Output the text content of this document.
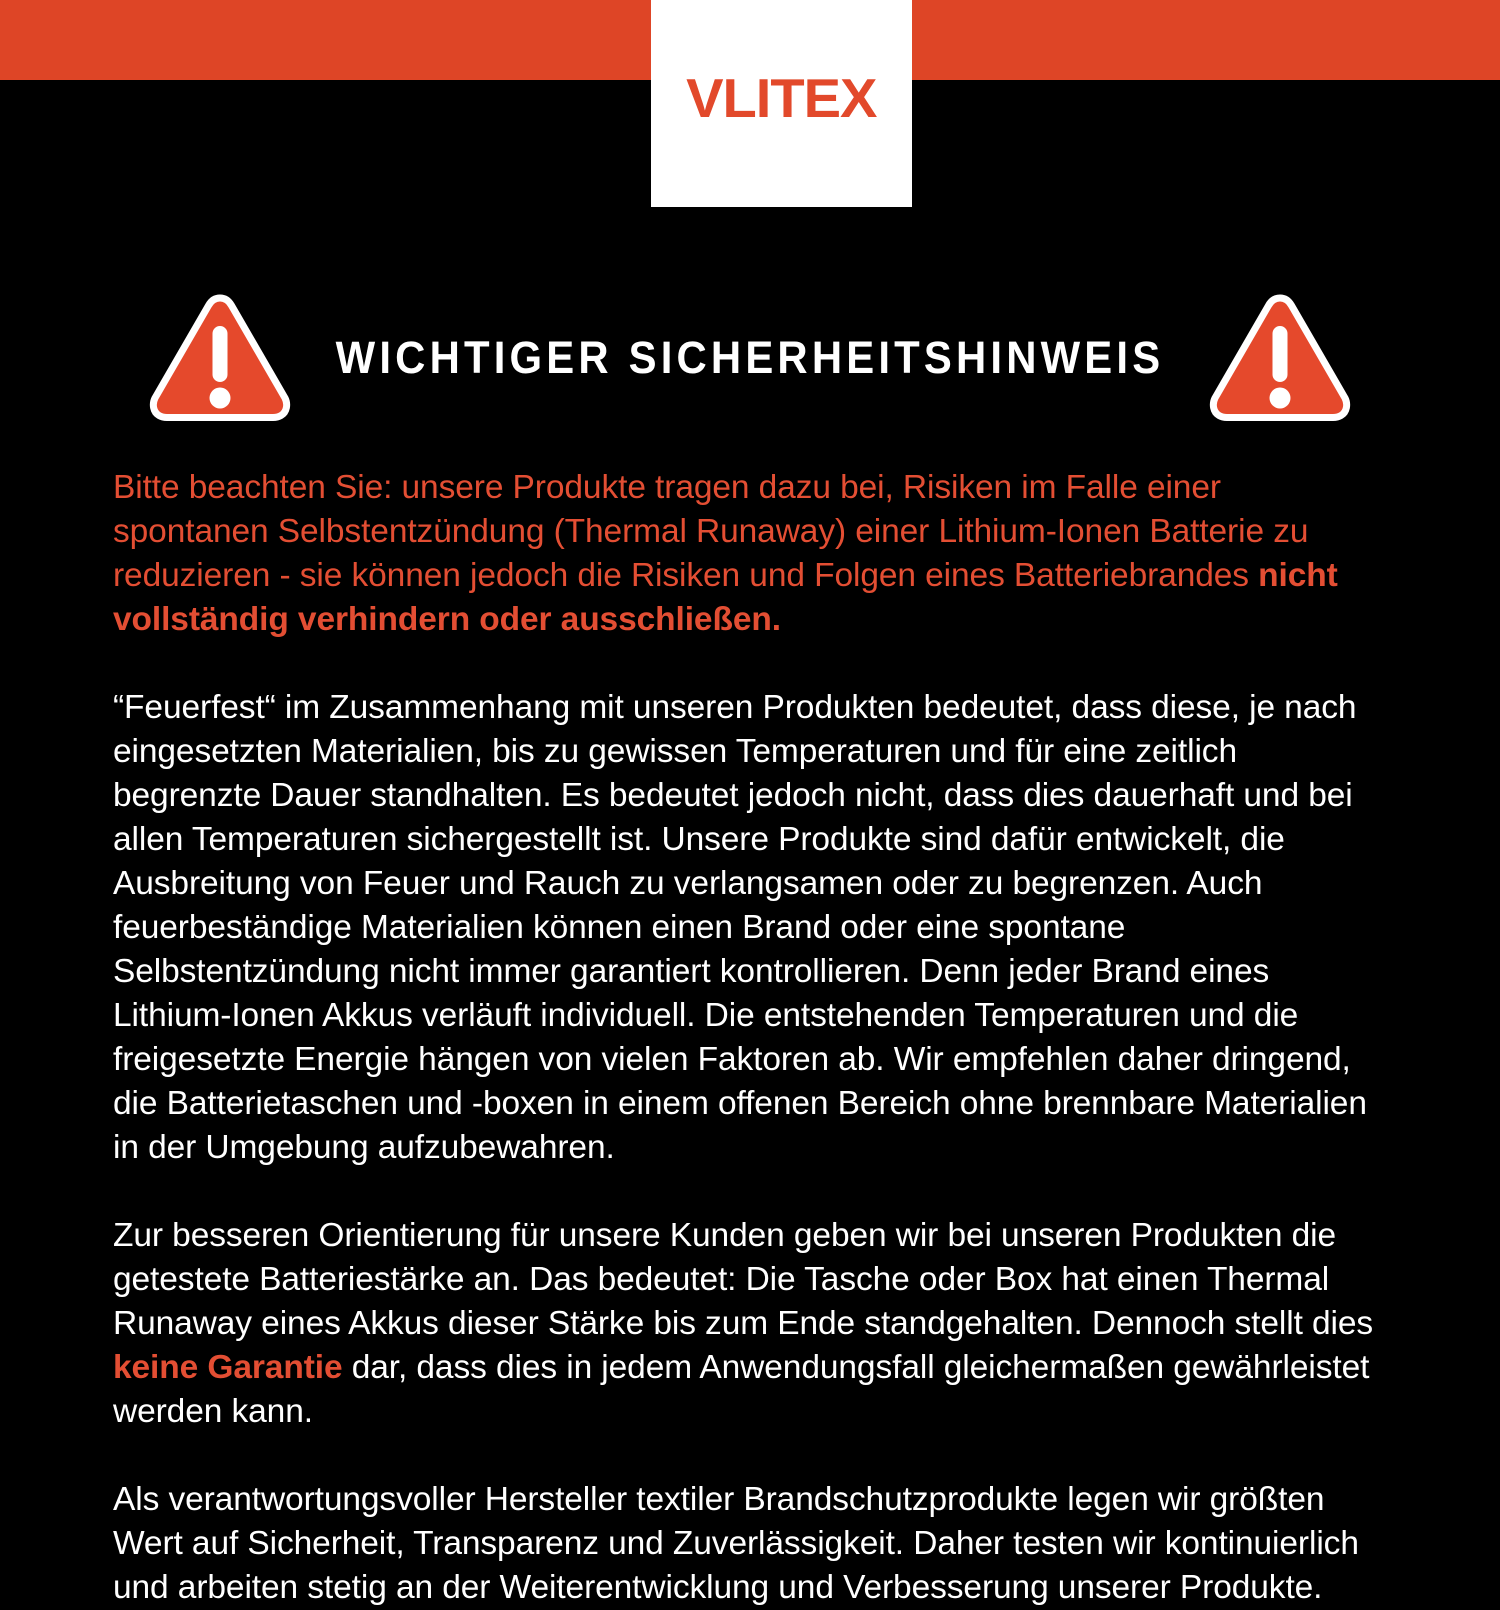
VLITEX
WICHTIGER SICHERHEITSHINWEIS

Bitte beachten Sie: unsere Produkte tragen dazu bei, Risiken im Falle einer spontanen Selbstentzündung (Thermal Runaway) einer Lithium-Ionen Batterie zu reduzieren - sie können jedoch die Risiken und Folgen eines Batteriebrandes nicht vollständig verhindern oder ausschließen.

“Feuerfest“ im Zusammenhang mit unseren Produkten bedeutet, dass diese, je nach eingesetzten Materialien, bis zu gewissen Temperaturen und für eine zeitlich begrenzte Dauer standhalten. Es bedeutet jedoch nicht, dass dies dauerhaft und bei allen Temperaturen sichergestellt ist. Unsere Produkte sind dafür entwickelt, die Ausbreitung von Feuer und Rauch zu verlangsamen oder zu begrenzen. Auch feuerbeständige Materialien können einen Brand oder eine spontane Selbstentzündung nicht immer garantiert kontrollieren. Denn jeder Brand eines Lithium-Ionen Akkus verläuft individuell. Die entstehenden Temperaturen und die freigesetzte Energie hängen von vielen Faktoren ab. Wir empfehlen daher dringend, die Batterietaschen und -boxen in einem offenen Bereich ohne brennbare Materialien in der Umgebung aufzubewahren.

Zur besseren Orientierung für unsere Kunden geben wir bei unseren Produkten die getestete Batteriestärke an. Das bedeutet: Die Tasche oder Box hat einen Thermal Runaway eines Akkus dieser Stärke bis zum Ende standgehalten. Dennoch stellt dies keine Garantie dar, dass dies in jedem Anwendungsfall gleichermaßen gewährleistet werden kann.

Als verantwortungsvoller Hersteller textiler Brandschutzprodukte legen wir größten Wert auf Sicherheit, Transparenz und Zuverlässigkeit. Daher testen wir kontinuierlich und arbeiten stetig an der Weiterentwicklung und Verbesserung unserer Produkte.
